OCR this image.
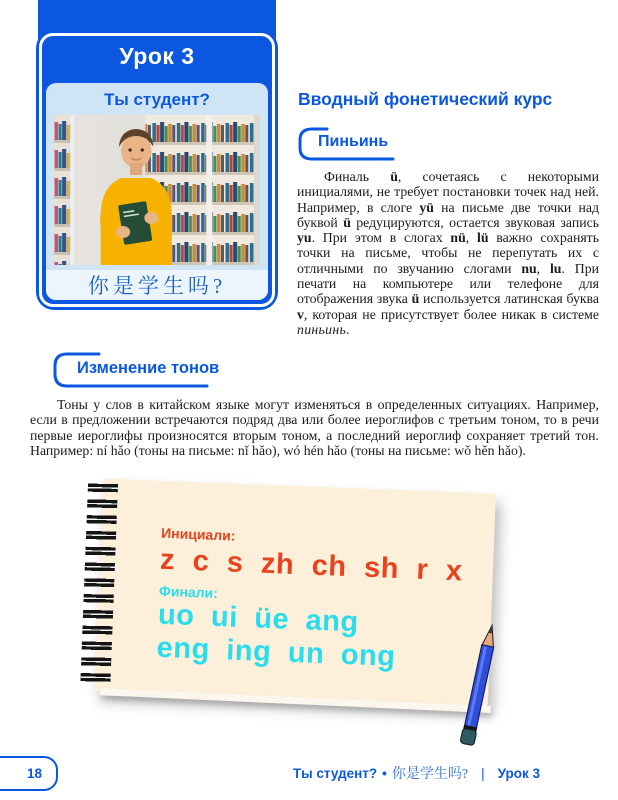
Урок 3
Ты студент?
你是学生吗?
Вводный фонетический курс
Пиньинь

Финаль ü, сочетаясь с некоторыми инициалями, не требует постановки точек над ней. Например, в слоге yü на письме две точки над буквой ü редуцируются, остается звуковая запись yu. При этом в слогах nü, lü важно сохранять точки на письме, чтобы не перепутать их с отличными по звучанию слогами nu, lu. При печати на компьютере или телефоне для отображения звука ü используется латинская буква v, которая не присутствует более никак в системе пиньинь.

Изменение тонов

Тоны у слов в китайском языке могут изменяться в определенных ситуациях. Например, если в предложении встречаются подряд два или более иероглифов с третьим тоном, то в речи первые иероглифы произносятся вторым тоном, а последний иероглиф сохраняет третий тон. Например: ní hǎo (тоны на письме: nǐ hǎo), wó hén hǎo (тоны на письме: wǒ hěn hǎo).

Инициали:
z c s zh ch sh r x
Финали:
uo ui üe ang
eng ing un ong
18	Ты студент? • 你是学生吗? | Урок 3
